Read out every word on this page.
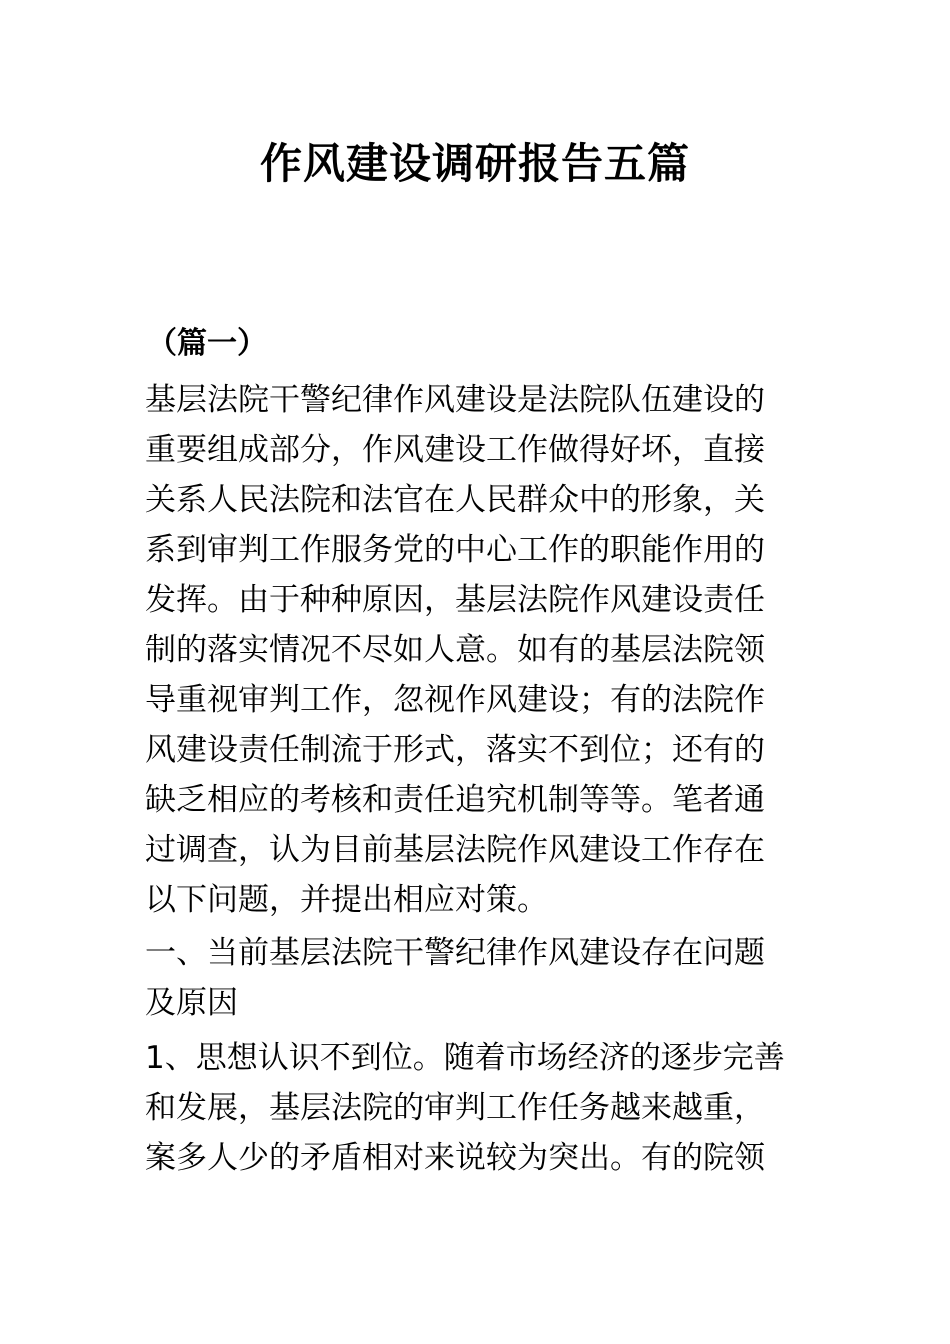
作风建设调研报告五篇
（篇一）
基层法院干警纪律作风建设是法院队伍建设的
重要组成部分，作风建设工作做得好坏，直接
关系人民法院和法官在人民群众中的形象，关
系到审判工作服务党的中心工作的职能作用的
发挥。由于种种原因，基层法院作风建设责任
制的落实情况不尽如人意。如有的基层法院领
导重视审判工作，忽视作风建设；有的法院作
风建设责任制流于形式，落实不到位；还有的
缺乏相应的考核和责任追究机制等等。笔者通
过调查，认为目前基层法院作风建设工作存在
以下问题，并提出相应对策。
一、当前基层法院干警纪律作风建设存在问题
及原因
1、思想认识不到位。随着市场经济的逐步完善
和发展，基层法院的审判工作任务越来越重，
案多人少的矛盾相对来说较为突出。有的院领
